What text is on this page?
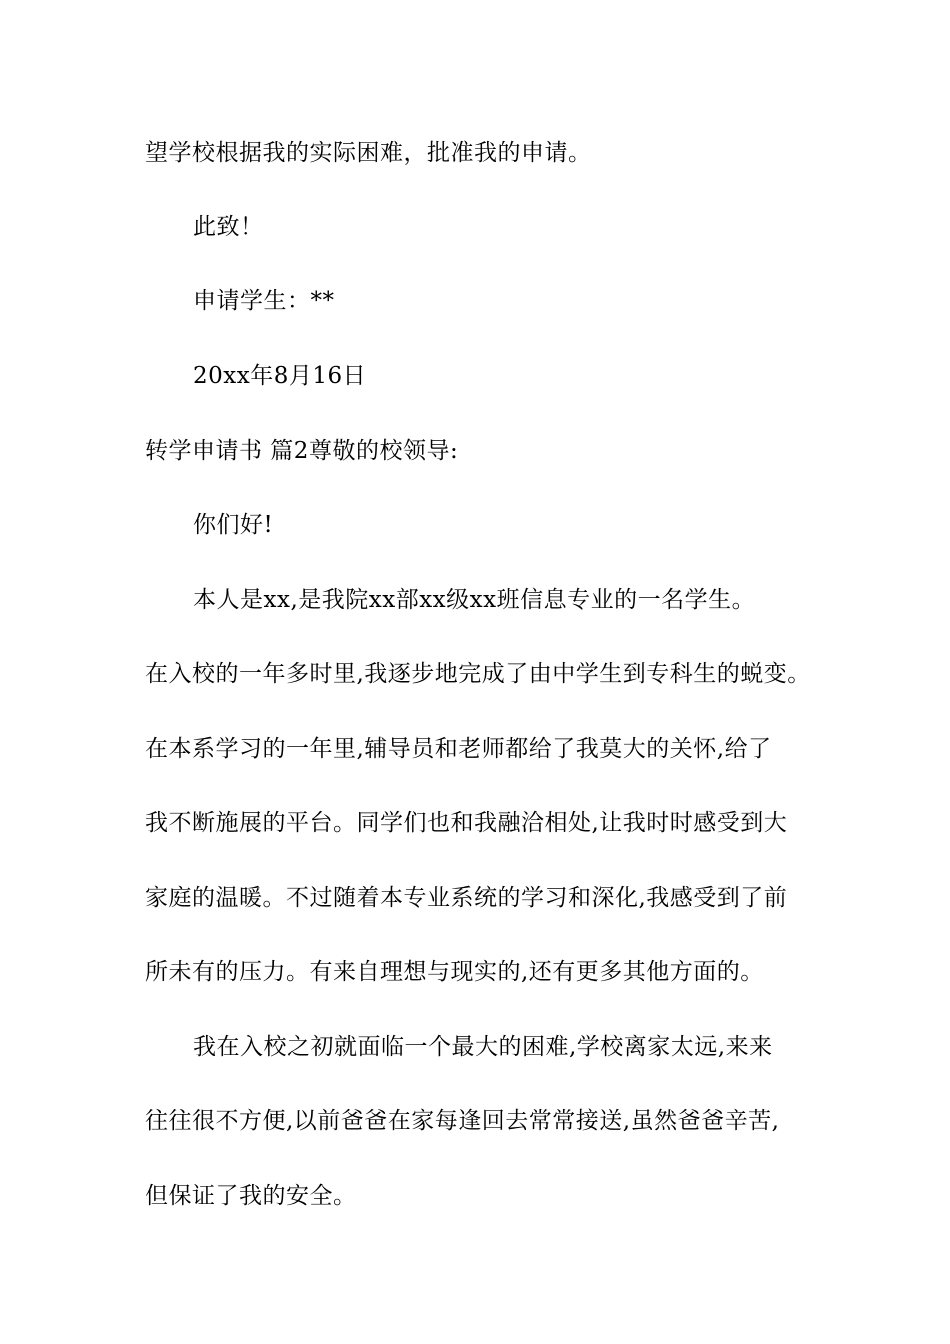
望学校根据我的实际困难，批准我的申请。
此致！
申请学生：**
20xx年8月16日
转学申请书 篇2尊敬的校领导:
你们好!
本人是xx,是我院xx部xx级xx班信息专业的一名学生。
在入校的一年多时里,我逐步地完成了由中学生到专科生的蜕变。
在本系学习的一年里,辅导员和老师都给了我莫大的关怀,给了
我不断施展的平台。同学们也和我融洽相处,让我时时感受到大
家庭的温暖。不过随着本专业系统的学习和深化,我感受到了前
所未有的压力。有来自理想与现实的,还有更多其他方面的。
我在入校之初就面临一个最大的困难,学校离家太远,来来
往往很不方便,以前爸爸在家每逢回去常常接送,虽然爸爸辛苦,
但保证了我的安全。
